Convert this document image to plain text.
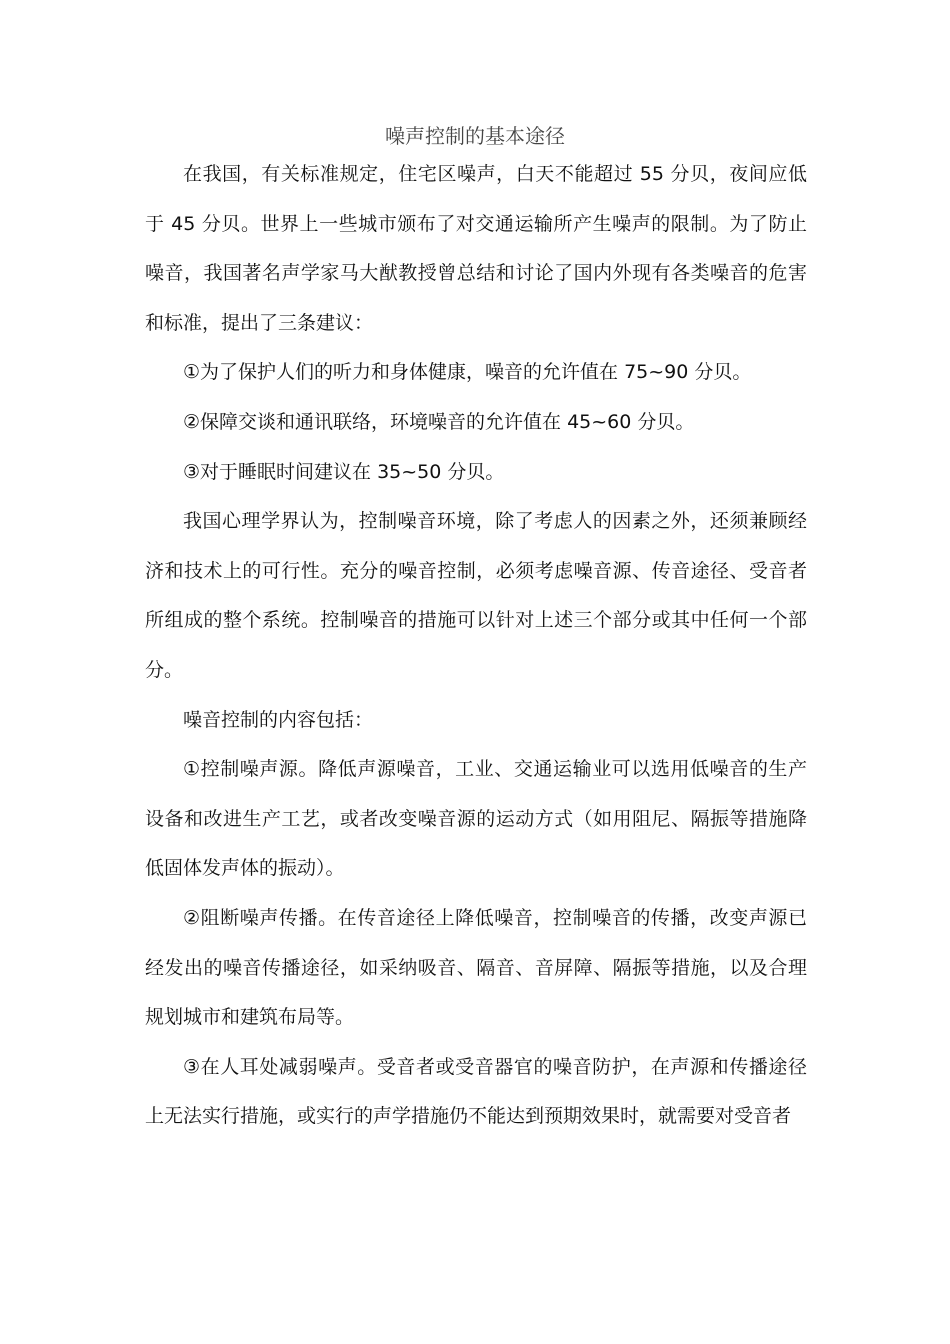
噪声控制的基本途径

在我国，有关标准规定，住宅区噪声，白天不能超过 55 分贝，夜间应低于 45 分贝。世界上一些城市颁布了对交通运输所产生噪声的限制。为了防止噪音，我国著名声学家马大猷教授曾总结和讨论了国内外现有各类噪音的危害和标准，提出了三条建议：

①为了保护人们的听力和身体健康，噪音的允许值在 75~90 分贝。

②保障交谈和通讯联络，环境噪音的允许值在 45~60 分贝。

③对于睡眠时间建议在 35~50 分贝。

我国心理学界认为，控制噪音环境，除了考虑人的因素之外，还须兼顾经济和技术上的可行性。充分的噪音控制，必须考虑噪音源、传音途径、受音者所组成的整个系统。控制噪音的措施可以针对上述三个部分或其中任何一个部分。

噪音控制的内容包括：

①控制噪声源。降低声源噪音，工业、交通运输业可以选用低噪音的生产设备和改进生产工艺，或者改变噪音源的运动方式（如用阻尼、隔振等措施降低固体发声体的振动）。

②阻断噪声传播。在传音途径上降低噪音，控制噪音的传播，改变声源已经发出的噪音传播途径，如采纳吸音、隔音、音屏障、隔振等措施，以及合理规划城市和建筑布局等。

③在人耳处减弱噪声。受音者或受音器官的噪音防护，在声源和传播途径上无法实行措施，或实行的声学措施仍不能达到预期效果时，就需要对受音者
